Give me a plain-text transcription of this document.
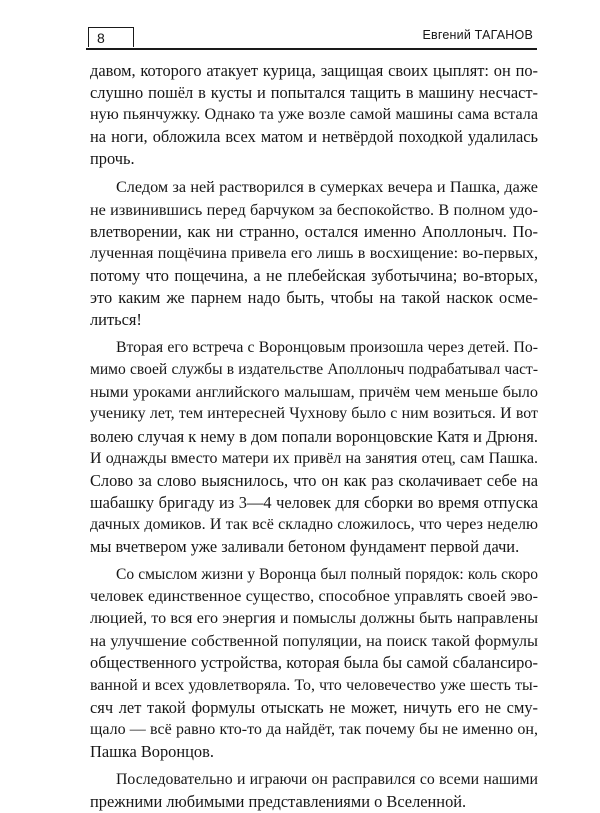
8	Евгений ТАГАНОВ

давом, которого атакует курица, защищая своих цыплят: он по-
слушно пошёл в кусты и попытался тащить в машину несчаст-
ную пьянчужку. Однако та уже возле самой машины сама встала
на ноги, обложила всех матом и нетвёрдой походкой удалилась
прочь.

Следом за ней растворился в сумерках вечера и Пашка, даже
не извинившись перед барчуком за беспокойство. В полном удо-
влетворении, как ни странно, остался именно Аполлоныч. По-
лученная пощёчина привела его лишь в восхищение: во-первых,
потому что пощечина, а не плебейская зуботычина; во-вторых,
это каким же парнем надо быть, чтобы на такой наскок осме-
литься!

Вторая его встреча с Воронцовым произошла через детей. По-
мимо своей службы в издательстве Аполлоныч подрабатывал част-
ными уроками английского малышам, причём чем меньше было
ученику лет, тем интересней Чухнову было с ним возиться. И вот
волею случая к нему в дом попали воронцовские Катя и Дрюня.
И однажды вместо матери их привёл на занятия отец, сам Пашка.
Слово за слово выяснилось, что он как раз сколачивает себе на
шабашку бригаду из 3—4 человек для сборки во время отпуска
дачных домиков. И так всё складно сложилось, что через неделю
мы вчетвером уже заливали бетоном фундамент первой дачи.

Со смыслом жизни у Воронца был полный порядок: коль скоро
человек единственное существо, способное управлять своей эво-
люцией, то вся его энергия и помыслы должны быть направлены
на улучшение собственной популяции, на поиск такой формулы
общественного устройства, которая была бы самой сбалансиро-
ванной и всех удовлетворяла. То, что человечество уже шесть ты-
сяч лет такой формулы отыскать не может, ничуть его не сму-
щало — всё равно кто-то да найдёт, так почему бы не именно он,
Пашка Воронцов.

Последовательно и играючи он расправился со всеми нашими
прежними любимыми представлениями о Вселенной.
